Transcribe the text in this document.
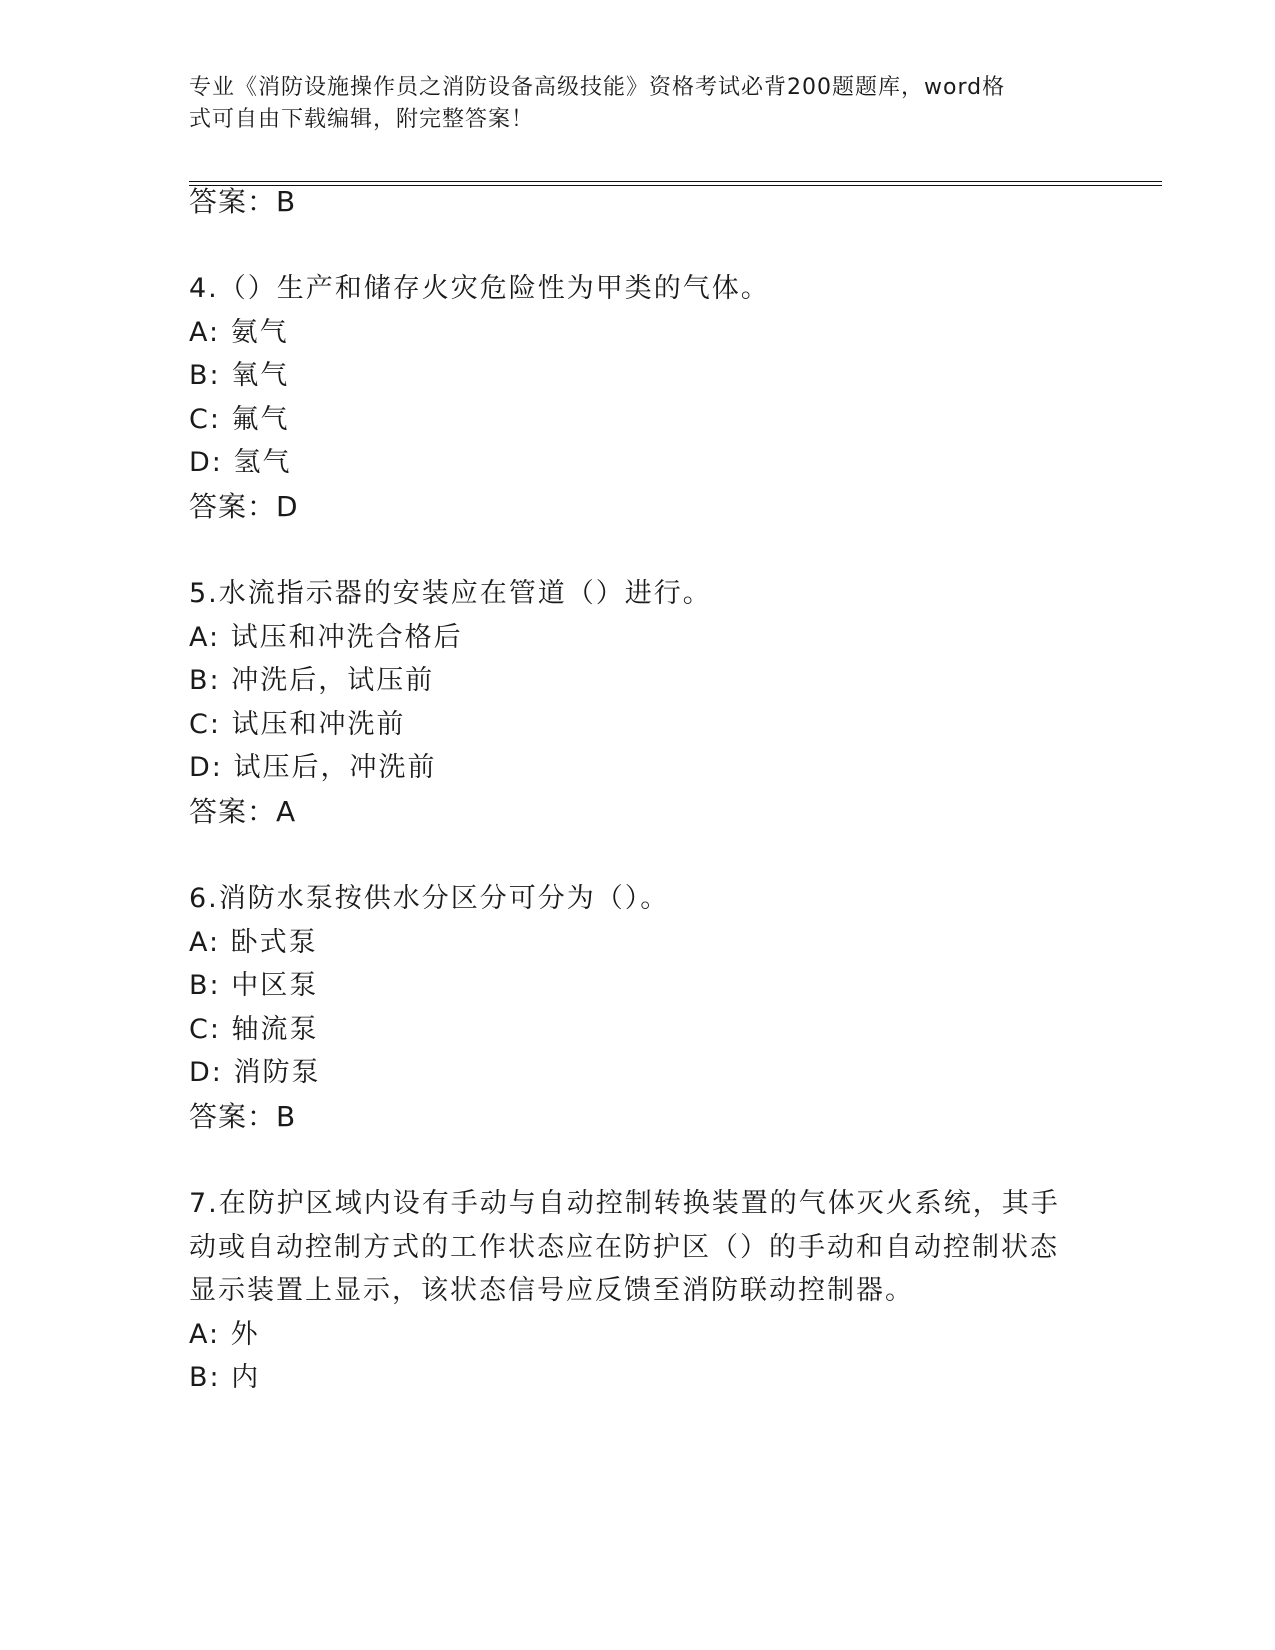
专业《消防设施操作员之消防设备高级技能》资格考试必背200题题库，word格
式可自由下载编辑，附完整答案！
答案：B
4.（）生产和储存火灾危险性为甲类的气体。
A: 氨气
B: 氧气
C: 氟气
D: 氢气
答案：D
5.水流指示器的安装应在管道（）进行。
A: 试压和冲洗合格后
B: 冲洗后，试压前
C: 试压和冲洗前
D: 试压后，冲洗前
答案：A
6.消防水泵按供水分区分可分为（）。
A: 卧式泵
B: 中区泵
C: 轴流泵
D: 消防泵
答案：B
7.在防护区域内设有手动与自动控制转换装置的气体灭火系统，其手
动或自动控制方式的工作状态应在防护区（）的手动和自动控制状态
显示装置上显示，该状态信号应反馈至消防联动控制器。
A: 外
B: 内
